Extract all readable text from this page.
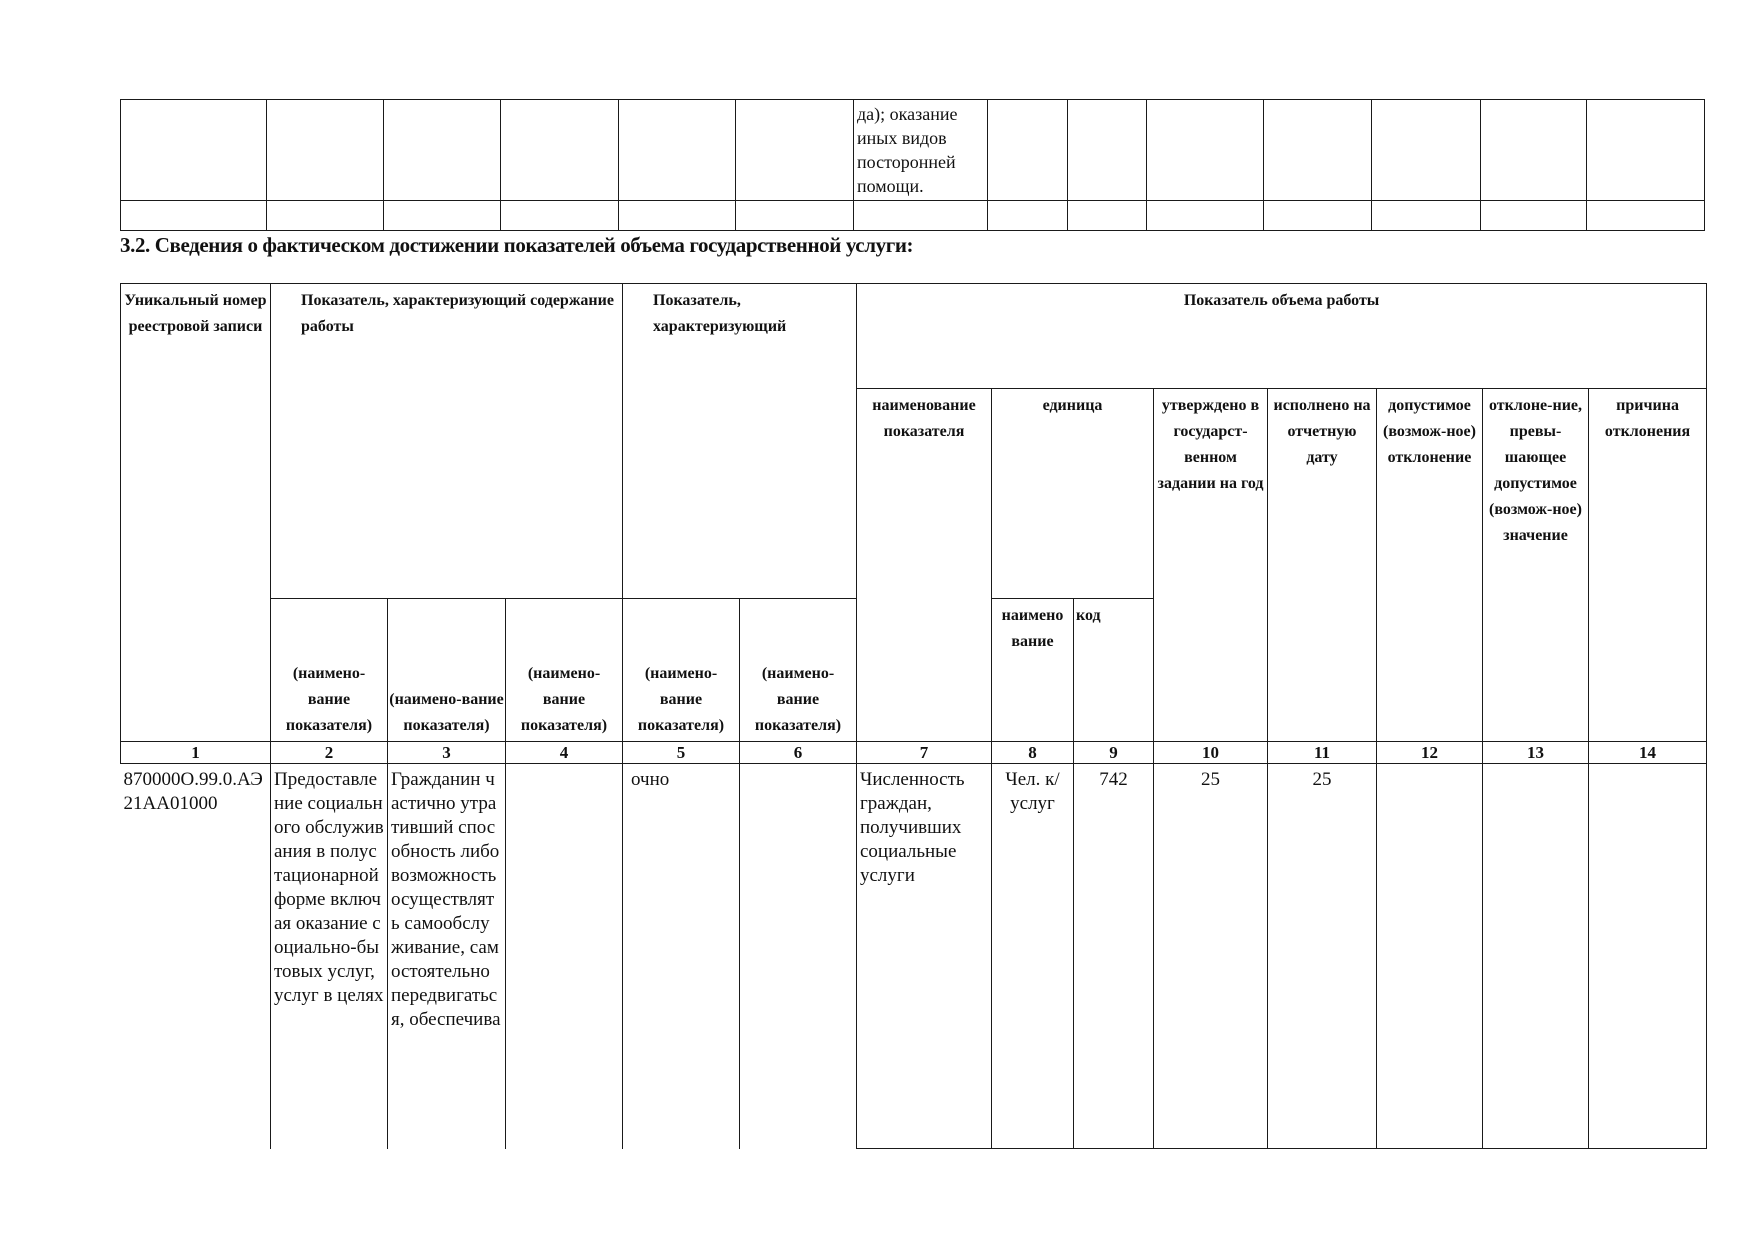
						да); оказание иных видов посторонней помощи.							

3.2. Сведения о фактическом достижении показателей объема государственной услуги:
Уникальный номер реестровой записи	Показатель, характеризующий содержание работы			Показатель, характеризующий		Показатель объема работы							
						наименование показателя	единица		утверждено в государст-венном задании на год	исполнено на отчетную дату	допустимое (возмож-ное) отклонение	отклоне-ние, превы-шающее допустимое (возмож-ное) значение	причина отклонения
							наимено вание	код					
	(наимено-вание показателя)	(наимено-вание показателя)	(наимено-вание показателя)	(наимено-вание показателя)	(наимено-вание показателя)								
1	2	3	4	5	6	7	8	9	10	11	12	13	14
870000О.99.0.АЭ21АА01000	Предоставление социального обслуживания в полустационарной форме включая оказание социально-бытовых услуг, услуг в целях	Гражданин частично утративший способность либо возможность осуществлять самообслуживание, самостоятельно передвигаться, обеспечива		очно		Численность граждан, получивших социальные услуги	Чел. к/услуг	742	25	25			
